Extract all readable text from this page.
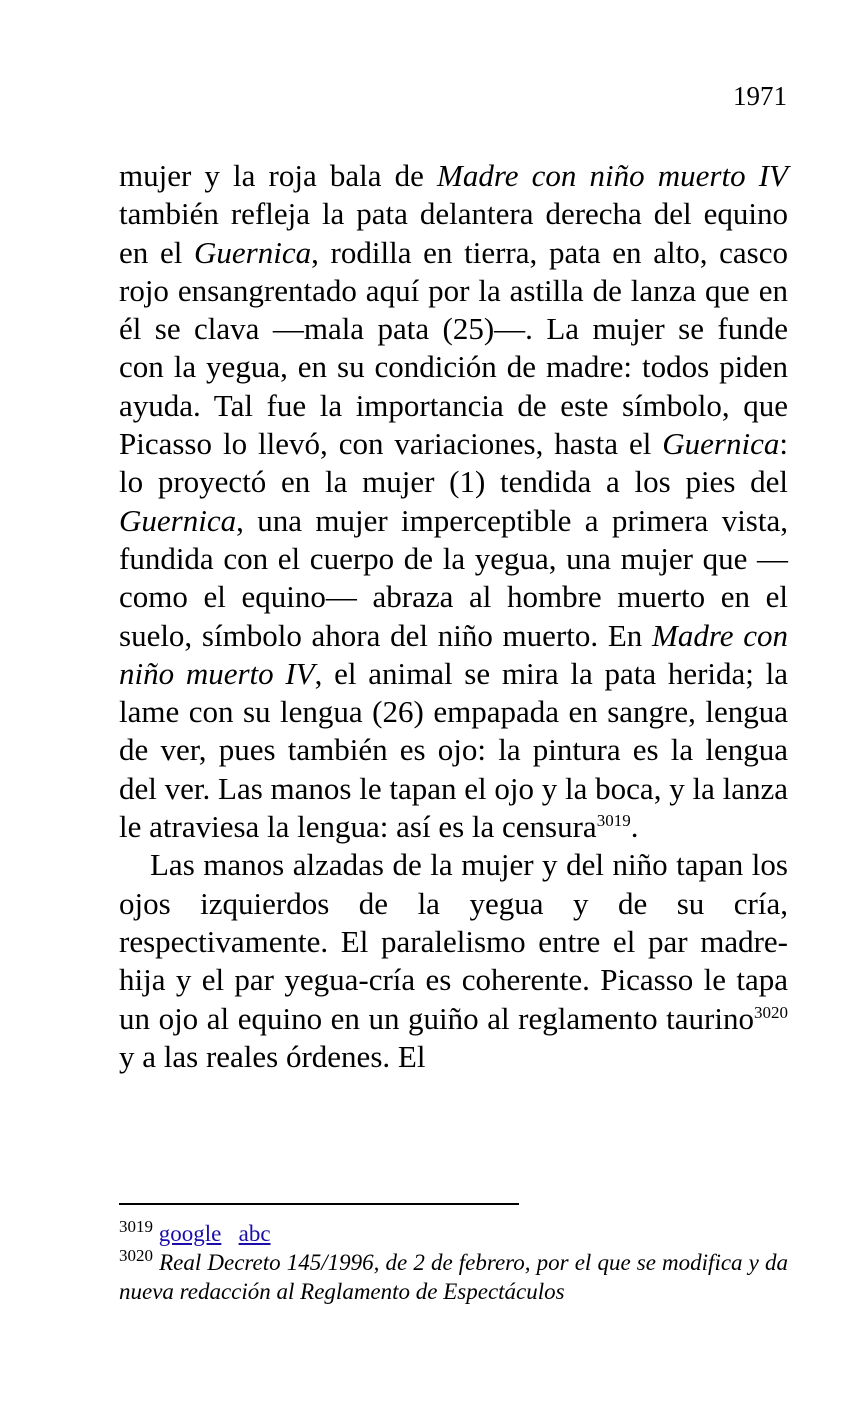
1971

mujer y la roja bala de Madre con niño muerto IV también refleja la pata delantera derecha del equino en el Guernica, rodilla en tierra, pata en alto, casco rojo ensangrentado aquí por la astilla de lanza que en él se clava —mala pata (25)—. La mujer se funde con la yegua, en su condición de madre: todos piden ayuda. Tal fue la importancia de este símbolo, que Picasso lo llevó, con variaciones, hasta el Guernica: lo proyectó en la mujer (1) tendida a los pies del Guernica, una mujer imperceptible a primera vista, fundida con el cuerpo de la yegua, una mujer que —como el equino— abraza al hombre muerto en el suelo, símbolo ahora del niño muerto. En Madre con niño muerto IV, el animal se mira la pata herida; la lame con su lengua (26) empapada en sangre, lengua de ver, pues también es ojo: la pintura es la lengua del ver. Las manos le tapan el ojo y la boca, y la lanza le atraviesa la lengua: así es la censura$^{3019}$.

Las manos alzadas de la mujer y del niño tapan los ojos izquierdos de la yegua y de su cría, respectivamente. El paralelismo entre el par madre-hija y el par yegua-cría es coherente. Picasso le tapa un ojo al equino en un guiño al reglamento taurino$^{3020}$ y a las reales órdenes. El

$^{3019}$ google abc

$^{3020}$ Real Decreto 145/1996, de 2 de febrero, por el que se modifica y da nueva redacción al Reglamento de Espectáculos
